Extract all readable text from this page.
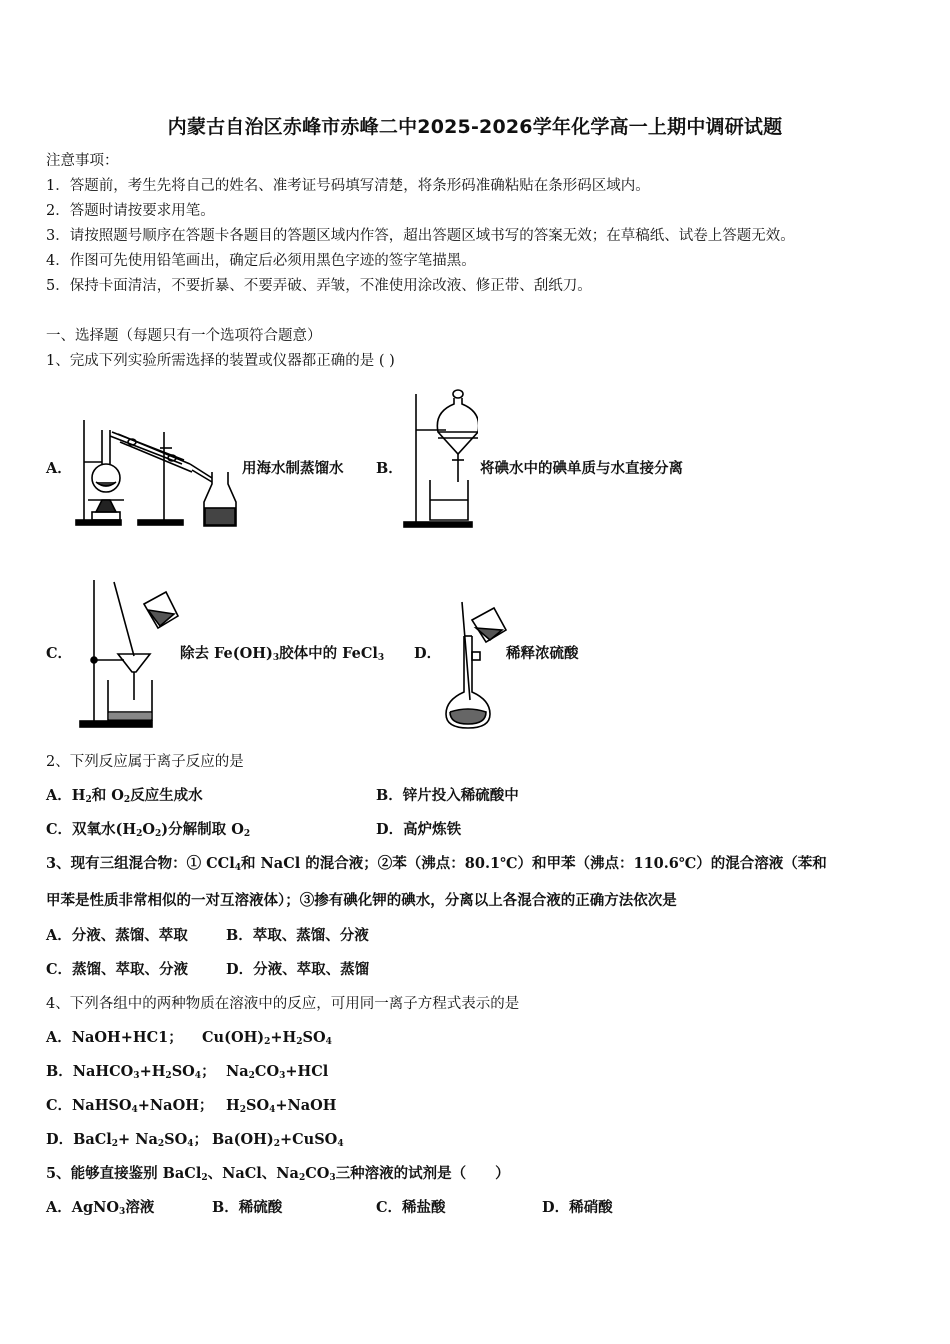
内蒙古自治区赤峰市赤峰二中2025-2026学年化学高一上期中调研试题
注意事项：
1．答题前，考生先将自己的姓名、准考证号码填写清楚，将条形码准确粘贴在条形码区域内。
2．答题时请按要求用笔。
3．请按照题号顺序在答题卡各题目的答题区域内作答，超出答题区域书写的答案无效；在草稿纸、试卷上答题无效。
4．作图可先使用铅笔画出，确定后必须用黑色字迹的签字笔描黑。
5．保持卡面清洁，不要折暴、不要弄破、弄皱，不准使用涂改液、修正带、刮纸刀。
一、选择题（每题只有一个选项符合题意）
1、完成下列实验所需选择的装置或仪器都正确的是 ( )
A．	用海水制蒸馏水 B．	将碘水中的碘单质与水直接分离
C．	除去 $Fe(OH)_3$胶体中的 FeCl$_3$ D．	稀释浓硫酸
2、下列反应属于离子反应的是
A．$H_2$和 $O_2$反应生成水	B．锌片投入稀硫酸中
C．双氧水$(H_2O_2)$分解制取 $O_2$	D．高炉炼铁
3、现有三组混合物：① CCl$_4$和 NaCl 的混合液；②苯（沸点：80.1℃）和甲苯（沸点：110.6℃）的混合溶液（苯和
甲苯是性质非常相似的一对互溶液体）；③掺有碘化钾的碘水，分离以上各混合液的正确方法依次是
A．分液、蒸馏、萃取	B．萃取、蒸馏、分液
C．蒸馏、萃取、分液	D．分液、萃取、蒸馏
4、下列各组中的两种物质在溶液中的反应，可用同一离子方程式表示的是
A．NaOH+HC1； $Cu(OH)_2+H_2SO_4$
B．$NaHCO_3+H_2SO_4$； $Na_2CO_3+HCl$
C．NaHSO$_4$+NaOH； $H_2SO_4+NaOH$
D．BaCl$_2$+ $Na_2SO_4$； $Ba(OH)_2+CuSO_4$
5、能够直接鉴别 BaCl$_2$、NaCl、$Na_2CO_3$三种溶液的试剂是（　　）
A．AgNO$_3$溶液	B．稀硫酸	C．稀盐酸	D．稀硝酸
